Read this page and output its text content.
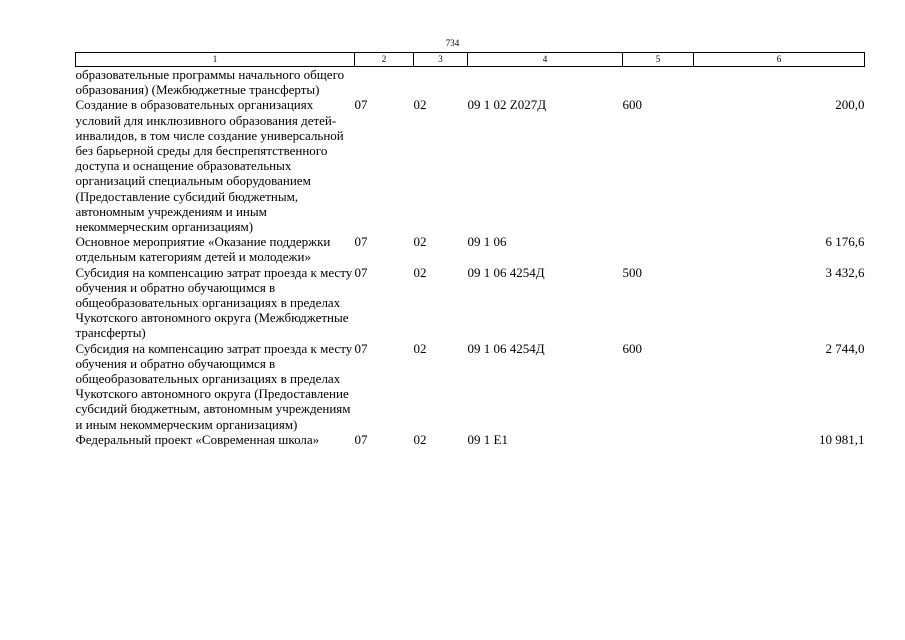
734
1	2	3	4	5	6
образовательные программы начального общего образования) (Межбюджетные трансферты)					
Создание в образовательных организациях условий для инклюзивного образования детей-инвалидов, в том числе создание универсальной без барьерной среды для беспрепятственного доступа и оснащение образовательных организаций специальным оборудованием (Предоставление субсидий бюджетным, автономным учреждениям и иным некоммерческим организациям)	07	02	09 1 02 Z027Д	600	200,0
Основное мероприятие «Оказание поддержки отдельным категориям детей и молодежи»	07	02	09 1 06		6 176,6
Субсидия на компенсацию затрат проезда к месту обучения и обратно обучающимся в общеобразовательных организациях в пределах Чукотского автономного округа (Межбюджетные трансферты)	07	02	09 1 06 4254Д	500	3 432,6
Субсидия на компенсацию затрат проезда к месту обучения и обратно обучающимся в общеобразовательных организациях в пределах Чукотского автономного округа (Предоставление субсидий бюджетным, автономным учреждениям и иным некоммерческим организациям)	07	02	09 1 06 4254Д	600	2 744,0
Федеральный проект «Современная школа»	07	02	09 1 E1		10 981,1
